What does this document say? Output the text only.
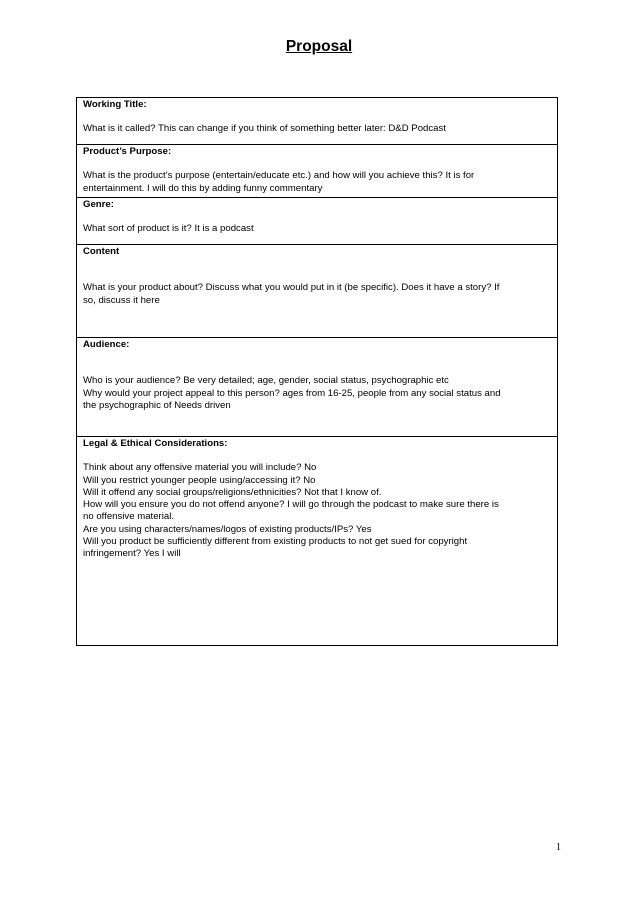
Proposal

Working Title:

What is it called? This can change if you think of something better later: D&D Podcast

Product’s Purpose:

What is the product’s purpose (entertain/educate etc.) and how will you achieve this? It is for
entertainment. I will do this by adding funny commentary

Genre:

What sort of product is it? It is a podcast

Content

What is your product about? Discuss what you would put in it (be specific). Does it have a story? If
so, discuss it here

Audience:

Who is your audience? Be very detailed; age, gender, social status, psychographic etc
Why would your project appeal to this person? ages from 16-25, people from any social status and
the psychographic of Needs driven

Legal & Ethical Considerations:

Think about any offensive material you will include? No
Will you restrict younger people using/accessing it? No
Will it offend any social groups/religions/ethnicities? Not that I know of.
How will you ensure you do not offend anyone? I will go through the podcast to make sure there is
no offensive material.
Are you using characters/names/logos of existing products/IPs? Yes
Will you product be sufficiently different from existing products to not get sued for copyright
infringement? Yes I will
1
